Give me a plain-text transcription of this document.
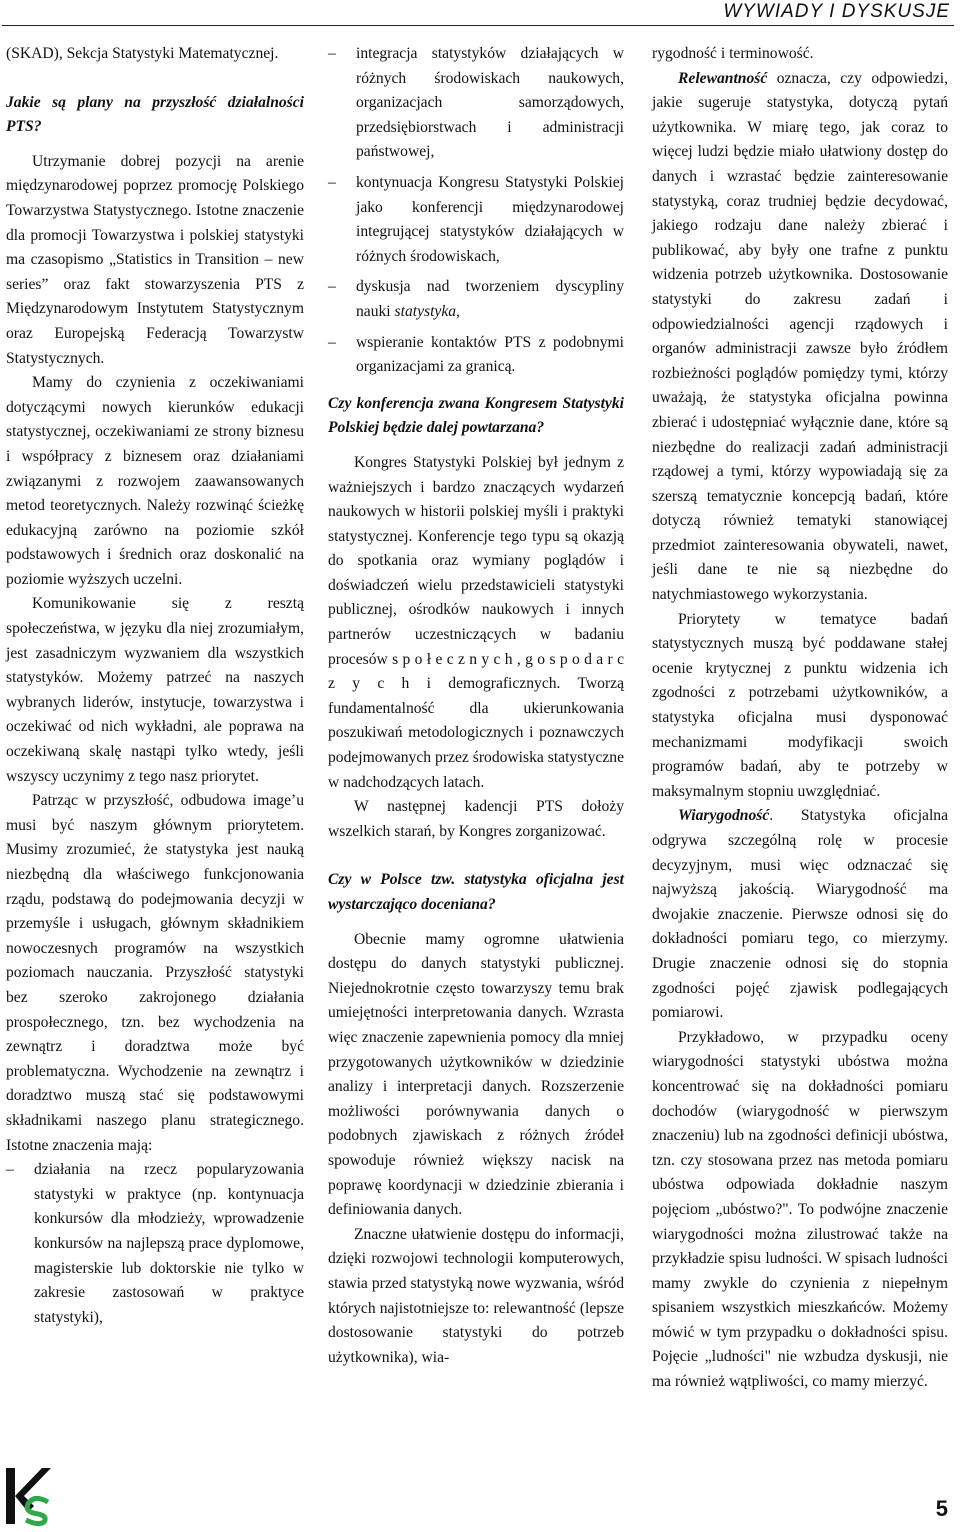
WYWIADY I DYSKUSJE

(SKAD), Sekcja Statystyki Matematycznej.

Jakie są plany na przyszłość działalności PTS?

Utrzymanie dobrej pozycji na arenie międzynarodowej poprzez promocję Polskiego Towarzystwa Statystycznego. Istotne znaczenie dla promocji Towarzystwa i polskiej statystyki ma czasopismo „Statistics in Transition – new series” oraz fakt stowarzyszenia PTS z Międzynarodowym Instytutem Statystycznym oraz Europejską Federacją Towarzystw Statystycznych.

Mamy do czynienia z oczekiwaniami dotyczącymi nowych kierunków edukacji statystycznej, oczekiwaniami ze strony biznesu i współpracy z biznesem oraz działaniami związanymi z rozwojem zaawansowanych metod teoretycznych. Należy rozwinąć ścieżkę edukacyjną zarówno na poziomie szkół podstawowych i średnich oraz doskonalić na poziomie wyższych uczelni.

Komunikowanie się z resztą społeczeństwa, w języku dla niej zrozumiałym, jest zasadniczym wyzwaniem dla wszystkich statystyków. Możemy patrzeć na naszych wybranych liderów, instytucje, towarzystwa i oczekiwać od nich wykładni, ale poprawa na oczekiwaną skalę nastąpi tylko wtedy, jeśli wszyscy uczynimy z tego nasz priorytet.

Patrząc w przyszłość, odbudowa image’u musi być naszym głównym priorytetem. Musimy zrozumieć, że statystyka jest nauką niezbędną dla właściwego funkcjonowania rządu, podstawą do podejmowania decyzji w przemyśle i usługach, głównym składnikiem nowoczesnych programów na wszystkich poziomach nauczania. Przyszłość statystyki bez szeroko zakrojonego działania prospołecznego, tzn. bez wychodzenia na zewnątrz i doradztwa może być problematyczna. Wychodzenie na zewnątrz i doradztwo muszą stać się podstawowymi składnikami naszego planu strategicznego. Istotne znaczenia mają:

– działania na rzecz popularyzowania statystyki w praktyce (np. kontynuacja konkursów dla młodzieży, wprowadzenie konkursów na najlepszą prace dyplomowe, magisterskie lub doktorskie nie tylko w zakresie zastosowań w praktyce statystyki),
– integracja statystyków działających w różnych środowiskach naukowych, organizacjach samorządowych, przedsiębiorstwach i administracji państwowej,
– kontynuacja Kongresu Statystyki Polskiej jako konferencji międzynarodowej integrującej statystyków działających w różnych środowiskach,
– dyskusja nad tworzeniem dyscypliny nauki statystyka,
– wspieranie kontaktów PTS z podobnymi organizacjami za granicą.

Czy konferencja zwana Kongresem Statystyki Polskiej będzie dalej powtarzana?

Kongres Statystyki Polskiej był jednym z ważniejszych i bardzo znaczących wydarzeń naukowych w historii polskiej myśli i praktyki statystycznej. Konferencje tego typu są okazją do spotkania oraz wymiany poglądów i doświadczeń wielu przedstawicieli statystyki publicznej, ośrodków naukowych i innych partnerów uczestniczących w badaniu procesów s p o ł e c z n y c h , g o s p o d a r c z y c h i demograficznych. Tworzą fundamentalność dla ukierunkowania poszukiwań metodologicznych i poznawczych podejmowanych przez środowiska statystyczne w nadchodzących latach.

W następnej kadencji PTS dołoży wszelkich starań, by Kongres zorganizować.

Czy w Polsce tzw. statystyka oficjalna jest wystarczająco doceniana?

Obecnie mamy ogromne ułatwienia dostępu do danych statystyki publicznej. Niejednokrotnie często towarzyszy temu brak umiejętności interpretowania danych. Wzrasta więc znaczenie zapewnienia pomocy dla mniej przygotowanych użytkowników w dziedzinie analizy i interpretacji danych. Rozszerzenie możliwości porównywania danych o podobnych zjawiskach z różnych źródeł spowoduje również większy nacisk na poprawę koordynacji w dziedzinie zbierania i definiowania danych.

Znaczne ułatwienie dostępu do informacji, dzięki rozwojowi technologii komputerowych, stawia przed statystyką nowe wyzwania, wśród których najistotniejsze to: relewantność (lepsze dostosowanie statystyki do potrzeb użytkownika), wia-

rygodność i terminowość.

Relewantność oznacza, czy odpowiedzi, jakie sugeruje statystyka, dotyczą pytań użytkownika. W miarę tego, jak coraz to więcej ludzi będzie miało ułatwiony dostęp do danych i wzrastać będzie zainteresowanie statystyką, coraz trudniej będzie decydować, jakiego rodzaju dane należy zbierać i publikować, aby były one trafne z punktu widzenia potrzeb użytkownika. Dostosowanie statystyki do zakresu zadań i odpowiedzialności agencji rządowych i organów administracji zawsze było źródłem rozbieżności poglądów pomiędzy tymi, którzy uważają, że statystyka oficjalna powinna zbierać i udostępniać wyłącznie dane, które są niezbędne do realizacji zadań administracji rządowej a tymi, którzy wypowiadają się za szerszą tematycznie koncepcją badań, które dotyczą również tematyki stanowiącej przedmiot zainteresowania obywateli, nawet, jeśli dane te nie są niezbędne do natychmiastowego wykorzystania.

Priorytety w tematyce badań statystycznych muszą być poddawane stałej ocenie krytycznej z punktu widzenia ich zgodności z potrzebami użytkowników, a statystyka oficjalna musi dysponować mechanizmami modyfikacji swoich programów badań, aby te potrzeby w maksymalnym stopniu uwzględniać.

Wiarygodność. Statystyka oficjalna odgrywa szczególną rolę w procesie decyzyjnym, musi więc odznaczać się najwyższą jakością. Wiarygodność ma dwojakie znaczenie. Pierwsze odnosi się do dokładności pomiaru tego, co mierzymy. Drugie znaczenie odnosi się do stopnia zgodności pojęć zjawisk podlegających pomiarowi.

Przykładowo, w przypadku oceny wiarygodności statystyki ubóstwa można koncentrować się na dokładności pomiaru dochodów (wiarygodność w pierwszym znaczeniu) lub na zgodności definicji ubóstwa, tzn. czy stosowana przez nas metoda pomiaru ubóstwa odpowiada dokładnie naszym pojęciom „ubóstwo?". To podwójne znaczenie wiarygodności można zilustrować także na przykładzie spisu ludności. W spisach ludności mamy zwykle do czynienia z niepełnym spisaniem wszystkich mieszkańców. Możemy mówić w tym przypadku o dokładności spisu. Pojęcie „ludności" nie wzbudza dyskusji, nie ma również wątpliwości, co mamy mierzyć.

5
